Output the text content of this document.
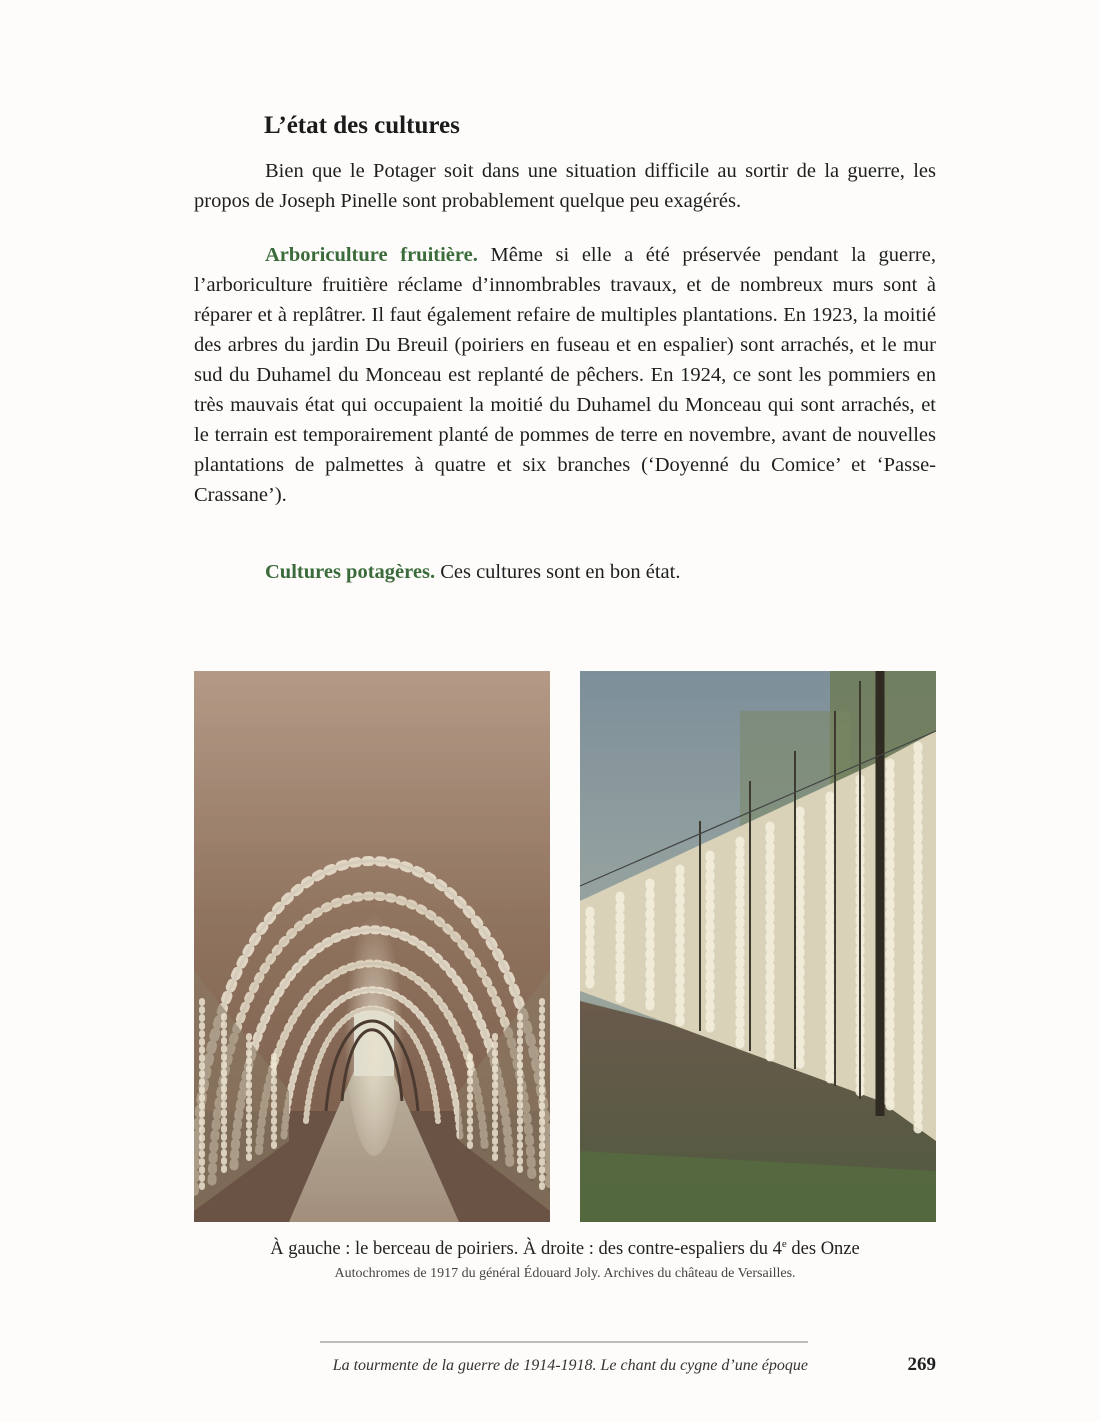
L’état des cultures

Bien que le Potager soit dans une situation difficile au sortir de la guerre, les propos de Joseph Pinelle sont probablement quelque peu exagérés.

Arboriculture fruitière. Même si elle a été préservée pendant la guerre, l’arboriculture fruitière réclame d’innombrables travaux, et de nombreux murs sont à réparer et à replâtrer. Il faut également refaire de multiples plantations. En 1923, la moitié des arbres du jardin Du Breuil (poiriers en fuseau et en espalier) sont arrachés, et le mur sud du Duhamel du Monceau est replanté de pêchers. En 1924, ce sont les pommiers en très mauvais état qui occupaient la moitié du Duhamel du Monceau qui sont arrachés, et le terrain est temporairement planté de pommes de terre en novembre, avant de nouvelles plantations de palmettes à quatre et six branches (‘Doyenné du Comice’ et ‘Passe-Crassane’).

Cultures potagères. Ces cultures sont en bon état.

À gauche : le berceau de poiriers. À droite : des contre-espaliers du 4e des Onze

Autochromes de 1917 du général Édouard Joly. Archives du château de Versailles.

La tourmente de la guerre de 1914-1918. Le chant du cygne d’une époque	269
